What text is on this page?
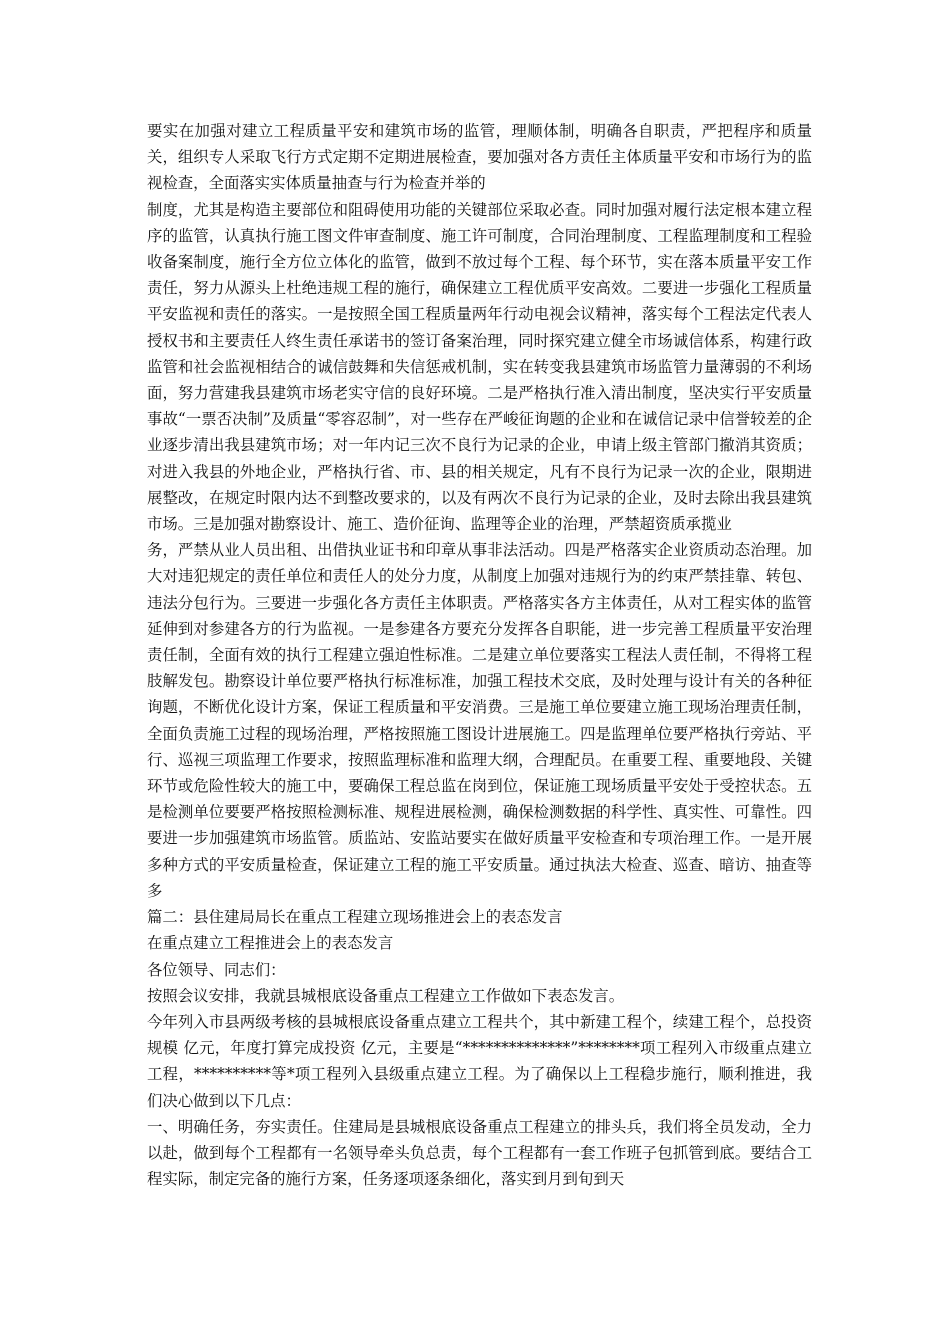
要实在加强对建立工程质量平安和建筑市场的监管，理顺体制，明确各自职责，严把程序和质量关，组织专人采取飞行方式定期不定期进展检查，要加强对各方责任主体质量平安和市场行为的监视检查，全面落实实体质量抽查与行为检查并举的

制度，尤其是构造主要部位和阻碍使用功能的关键部位采取必查。同时加强对履行法定根本建立程序的监管，认真执行施工图文件审查制度、施工许可制度，合同治理制度、工程监理制度和工程验收备案制度，施行全方位立体化的监管，做到不放过每个工程、每个环节，实在落本质量平安工作责任，努力从源头上杜绝违规工程的施行，确保建立工程优质平安高效。二要进一步强化工程质量平安监视和责任的落实。一是按照全国工程质量两年行动电视会议精神，落实每个工程法定代表人授权书和主要责任人终生责任承诺书的签订备案治理，同时探究建立健全市场诚信体系，构建行政监管和社会监视相结合的诚信鼓舞和失信惩戒机制，实在转变我县建筑市场监管力量薄弱的不利场面，努力营建我县建筑市场老实守信的良好环境。二是严格执行准入清出制度，坚决实行平安质量事故“一票否决制”及质量“零容忍制”，对一些存在严峻征询题的企业和在诚信记录中信誉较差的企业逐步清出我县建筑市场；对一年内记三次不良行为记录的企业，申请上级主管部门撤消其资质；对进入我县的外地企业，严格执行省、市、县的相关规定，凡有不良行为记录一次的企业，限期进展整改，在规定时限内达不到整改要求的，以及有两次不良行为记录的企业，及时去除出我县建筑市场。三是加强对勘察设计、施工、造价征询、监理等企业的治理，严禁超资质承揽业

务，严禁从业人员出租、出借执业证书和印章从事非法活动。四是严格落实企业资质动态治理。加大对违犯规定的责任单位和责任人的处分力度，从制度上加强对违规行为的约束严禁挂靠、转包、违法分包行为。三要进一步强化各方责任主体职责。严格落实各方主体责任，从对工程实体的监管延伸到对参建各方的行为监视。一是参建各方要充分发挥各自职能，进一步完善工程质量平安治理责任制，全面有效的执行工程建立强迫性标准。二是建立单位要落实工程法人责任制，不得将工程肢解发包。勘察设计单位要严格执行标准标准，加强工程技术交底，及时处理与设计有关的各种征询题，不断优化设计方案，保证工程质量和平安消费。三是施工单位要建立施工现场治理责任制，全面负责施工过程的现场治理，严格按照施工图设计进展施工。四是监理单位要严格执行旁站、平行、巡视三项监理工作要求，按照监理标准和监理大纲，合理配员。在重要工程、重要地段、关键环节或危险性较大的施工中，要确保工程总监在岗到位，保证施工现场质量平安处于受控状态。五是检测单位要要严格按照检测标准、规程进展检测，确保检测数据的科学性、真实性、可靠性。四要进一步加强建筑市场监管。质监站、安监站要实在做好质量平安检查和专项治理工作。一是开展多种方式的平安质量检查，保证建立工程的施工平安质量。通过执法大检查、巡查、暗访、抽查等多

篇二：县住建局局长在重点工程建立现场推进会上的表态发言

在重点建立工程推进会上的表态发言

各位领导、同志们：

按照会议安排，我就县城根底设备重点工程建立工作做如下表态发言。

今年列入市县两级考核的县城根底设备重点建立工程共个，其中新建工程个，续建工程个，总投资规模 亿元，年度打算完成投资 亿元，主要是“**************”********项工程列入市级重点建立工程，**********等*项工程列入县级重点建立工程。为了确保以上工程稳步施行，顺利推进，我们决心做到以下几点：

一、明确任务，夯实责任。住建局是县城根底设备重点工程建立的排头兵，我们将全员发动，全力以赴，做到每个工程都有一名领导牵头负总责，每个工程都有一套工作班子包抓管到底。要结合工程实际，制定完备的施行方案，任务逐项逐条细化，落实到月到旬到天
